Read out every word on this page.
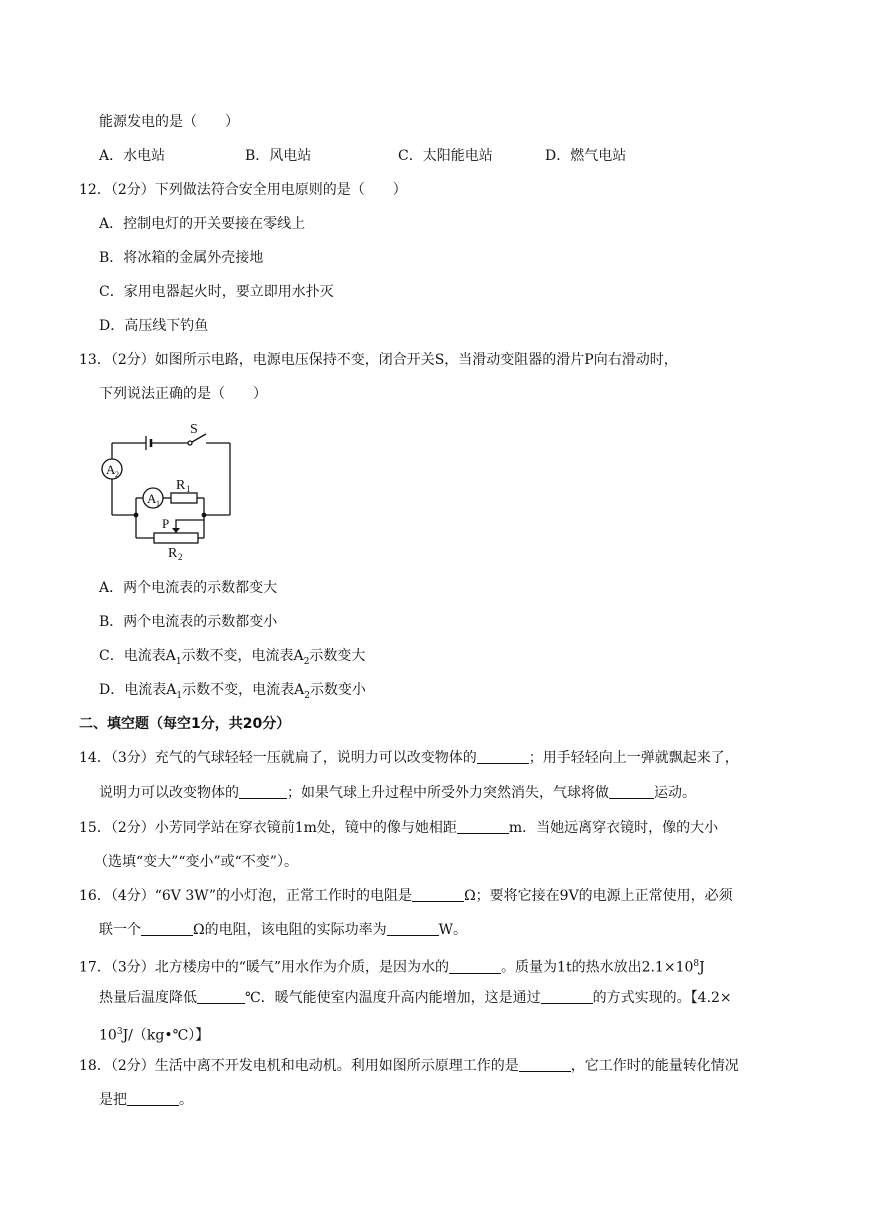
能源发电的是（　　）
A．水电站	B．风电站	C．太阳能电站	D．燃气电站
12．（2分）下列做法符合安全用电原则的是（　　）
A．控制电灯的开关要接在零线上
B．将冰箱的金属外壳接地
C．家用电器起火时，要立即用水扑灭
D．高压线下钓鱼
13．（2分）如图所示电路，电源电压保持不变，闭合开关S，当滑动变阻器的滑片P向右滑动时，
下列说法正确的是（　　）
S
A 2
A 1
R 1
P
R 2
A．两个电流表的示数都变大
B．两个电流表的示数都变小
C．电流表$A_1$示数不变，电流表$A_2$示数变大
D．电流表$A_1$示数不变，电流表$A_2$示数变小
二、填空题（每空1分，共20分）
14．（3分）充气的气球轻轻一压就扁了，说明力可以改变物体的	；用手轻轻向上一弹就飘起来了，
说明力可以改变物体的	；如果气球上升过程中所受外力突然消失，气球将做	运动。
15．（2分）小芳同学站在穿衣镜前1m处，镜中的像与她相距	m．当她远离穿衣镜时，像的大小
（选填“变大”“变小”或“不变”）。
16．（4分）“6V 3W”的小灯泡，正常工作时的电阻是	Ω；要将它接在9V的电源上正常使用，必须
联一个	Ω的电阻，该电阻的实际功率为	W。
17．（3分）北方楼房中的“暖气”用水作为介质，是因为水的	。质量为1t的热水放出$2.1\times 10^8J$
热量后温度降低	℃．暖气能使室内温度升高内能增加，这是通过	的方式实现的。【4.2×
$10^3J/(kg•℃)$】
18．（2分）生活中离不开发电机和电动机。利用如图所示原理工作的是	，它工作时的能量转化情况
是把	。
